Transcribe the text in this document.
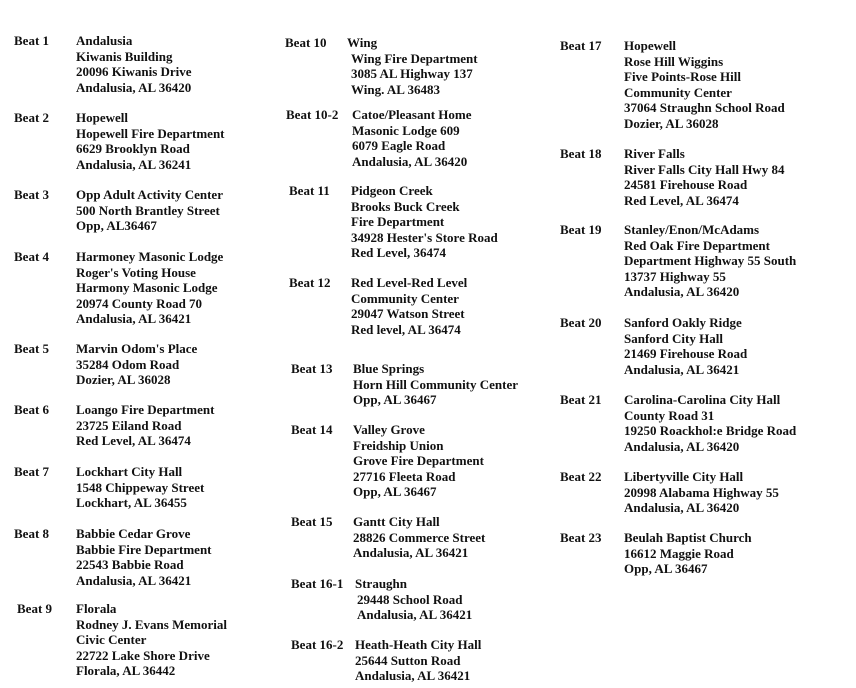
Beat 1	Andalusia
Kiwanis Building
20096 Kiwanis Drive
Andalusia, AL 36420
Beat 2	Hopewell
Hopewell Fire Department
6629 Brooklyn Road
Andalusia, AL 36241
Beat 3	Opp Adult Activity Center
500 North Brantley Street
Opp, AL36467
Beat 4	Harmoney Masonic Lodge
Roger's Voting House
Harmony Masonic Lodge
20974 County Road 70
Andalusia, AL 36421
Beat 5	Marvin Odom's Place
35284 Odom Road
Dozier, AL 36028
Beat 6	Loango Fire Department
23725 Eiland Road
Red Level, AL 36474
Beat 7	Lockhart City Hall
1548 Chippeway Street
Lockhart, AL 36455
Beat 8	Babbie Cedar Grove
Babbie Fire Department
22543 Babbie Road
Andalusia, AL 36421
Beat 9	Florala
Rodney J. Evans Memorial
Civic Center
22722 Lake Shore Drive
Florala, AL 36442
Beat 10	Wing
Wing Fire Department
3085 AL Highway 137
Wing. AL 36483
Beat 10-2	Catoe/Pleasant Home
Masonic Lodge 609
6079 Eagle Road
Andalusia, AL 36420
Beat 11	Pidgeon Creek
Brooks Buck Creek
Fire Department
34928 Hester's Store Road
Red Level, 36474
Beat 12	Red Level-Red Level
Community Center
29047 Watson Street
Red level, AL 36474
Beat 13	Blue Springs
Horn Hill Community Center
Opp, AL 36467
Beat 14	Valley Grove
Freidship Union
Grove Fire Department
27716 Fleeta Road
Opp, AL 36467
Beat 15	Gantt City Hall
28826 Commerce Street
Andalusia, AL 36421
Beat 16-1 Straughn
29448 School Road
Andalusia, AL 36421
Beat 16-2 Heath-Heath City Hall
25644 Sutton Road
Andalusia, AL 36421
Beat 17	Hopewell
Rose Hill Wiggins
Five Points-Rose Hill
Community Center
37064 Straughn School Road
Dozier, AL 36028
Beat 18	River Falls
River Falls City Hall Hwy 84
24581 Firehouse Road
Red Level, AL 36474
Beat 19	Stanley/Enon/McAdams
Red Oak Fire Department
Department Highway 55 South
13737 Highway 55
Andalusia, AL 36420
Beat 20	Sanford Oakly Ridge
Sanford City Hall
21469 Firehouse Road
Andalusia, AL 36421
Beat 21	Carolina-Carolina City Hall
County Road 31
19250 Roackhol:e Bridge Road
Andalusia, AL 36420
Beat 22	Libertyville City Hall
20998 Alabama Highway 55
Andalusia, AL 36420
Beat 23	Beulah Baptist Church
16612 Maggie Road
Opp, AL 36467
